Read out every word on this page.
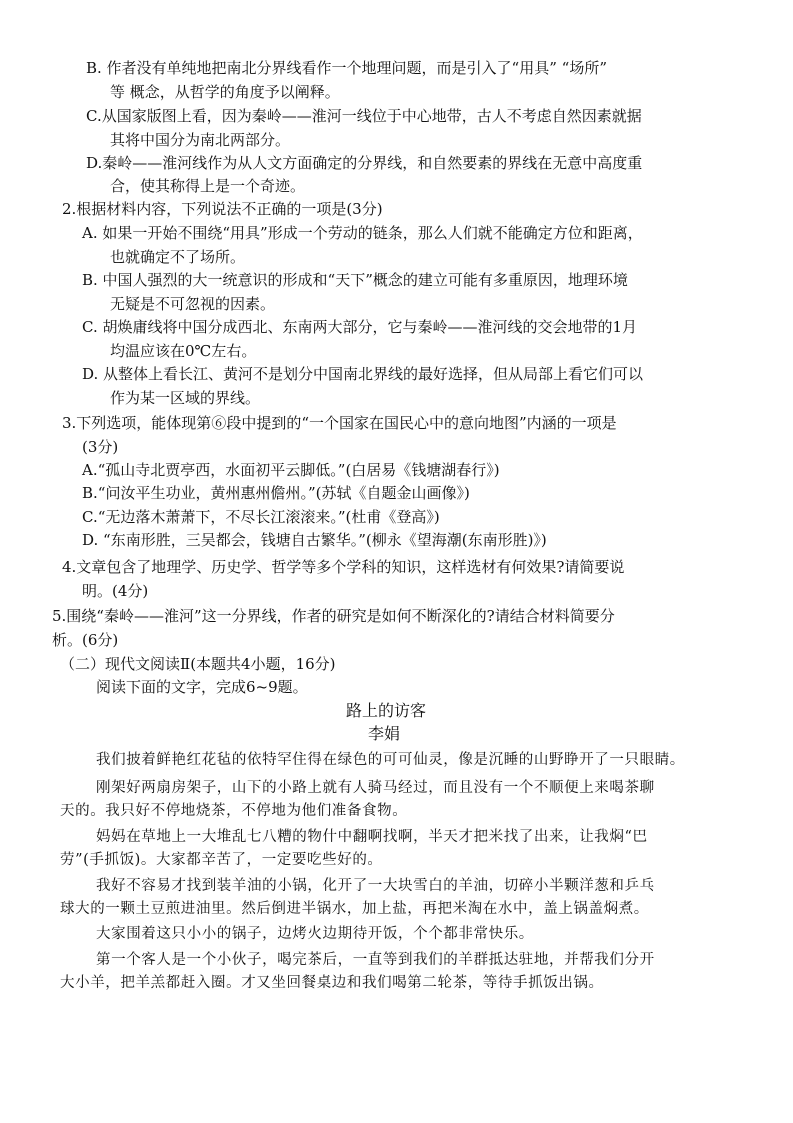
B. 作者没有单纯地把南北分界线看作一个地理问题，而是引入了“用具” “场所”
等 概念，从哲学的角度予以阐释。
C.从国家版图上看，因为秦岭——淮河一线位于中心地带，古人不考虑自然因素就据
其将中国分为南北两部分。
D.秦岭——淮河线作为从人文方面确定的分界线，和自然要素的界线在无意中高度重
合，使其称得上是一个奇迹。
2.根据材料内容，下列说法不正确的一项是(3分)
A. 如果一开始不围绕“用具”形成一个劳动的链条，那么人们就不能确定方位和距离，
也就确定不了场所。
B. 中国人强烈的大一统意识的形成和“天下”概念的建立可能有多重原因，地理环境
无疑是不可忽视的因素。
C. 胡焕庸线将中国分成西北、东南两大部分，它与秦岭——淮河线的交会地带的1月
均温应该在0℃左右。
D. 从整体上看长江、黄河不是划分中国南北界线的最好选择，但从局部上看它们可以
作为某一区域的界线。
3.下列选项，能体现第⑥段中提到的“一个国家在国民心中的意向地图”内涵的一项是
(3分)
A.“孤山寺北贾亭西，水面初平云脚低。”(白居易《钱塘湖春行》)
B.“问汝平生功业，黄州惠州儋州。”(苏轼《自题金山画像》)
C.“无边落木萧萧下，不尽长江滚滚来。”(杜甫《登高》)
D. “东南形胜，三吴都会，钱塘自古繁华。”(柳永《望海潮(东南形胜)》)
4.文章包含了地理学、历史学、哲学等多个学科的知识，这样选材有何效果?请简要说
明。(4分)
5.围绕“秦岭——淮河”这一分界线，作者的研究是如何不断深化的?请结合材料简要分
析。(6分)
（二）现代文阅读Ⅱ(本题共4小题，16分)
阅读下面的文字，完成6~9题。
路上的访客
李娟
我们披着鲜艳红花毡的依特罕住得在绿色的可可仙灵，像是沉睡的山野睁开了一只眼睛。
刚架好两扇房架子，山下的小路上就有人骑马经过，而且没有一个不顺便上来喝茶聊
天的。我只好不停地烧茶，不停地为他们准备食物。
妈妈在草地上一大堆乱七八糟的物什中翻啊找啊，半天才把米找了出来，让我焖“巴
劳”(手抓饭)。大家都辛苦了，一定要吃些好的。
我好不容易才找到装羊油的小锅，化开了一大块雪白的羊油，切碎小半颗洋葱和乒乓
球大的一颗土豆煎进油里。然后倒进半锅水，加上盐，再把米淘在水中，盖上锅盖焖煮。
大家围着这只小小的锅子，边烤火边期待开饭，个个都非常快乐。
第一个客人是一个小伙子，喝完茶后，一直等到我们的羊群抵达驻地，并帮我们分开
大小羊，把羊羔都赶入圈。才又坐回餐桌边和我们喝第二轮茶，等待手抓饭出锅。
